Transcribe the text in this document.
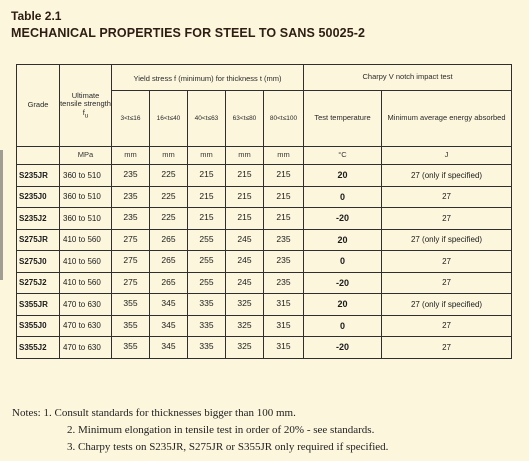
Table 2.1
MECHANICAL PROPERTIES FOR STEEL TO SANS 50025-2
Grade	Ultimate tensile strength $f_u$	Yield stress f (minimum) for thickness t (mm)					Charpy V notch impact test	

		3<t≤16	16<t≤40	40<t≤63	63<t≤80	80<t≤100	Test temperature	Minimum average energy absorbed
	MPa	mm	mm	mm	mm	mm	°C	J
S235JR	360 to 510	235	225	215	215	215	20	27 (only if specified)
S235J0	360 to 510	235	225	215	215	215	0	27
S235J2	360 to 510	235	225	215	215	215	-20	27
S275JR	410 to 560	275	265	255	245	235	20	27 (only if specified)
S275J0	410 to 560	275	265	255	245	235	0	27
S275J2	410 to 560	275	265	255	245	235	-20	27
S355JR	470 to 630	355	345	335	325	315	20	27 (only if specified)
S355J0	470 to 630	355	345	335	325	315	0	27
S355J2	470 to 630	355	345	335	325	315	-20	27
Notes: 1. Consult standards for thicknesses bigger than 100 mm.
2. Minimum elongation in tensile test in order of 20% - see standards.
3. Charpy tests on S235JR, S275JR or S355JR only required if specified.
